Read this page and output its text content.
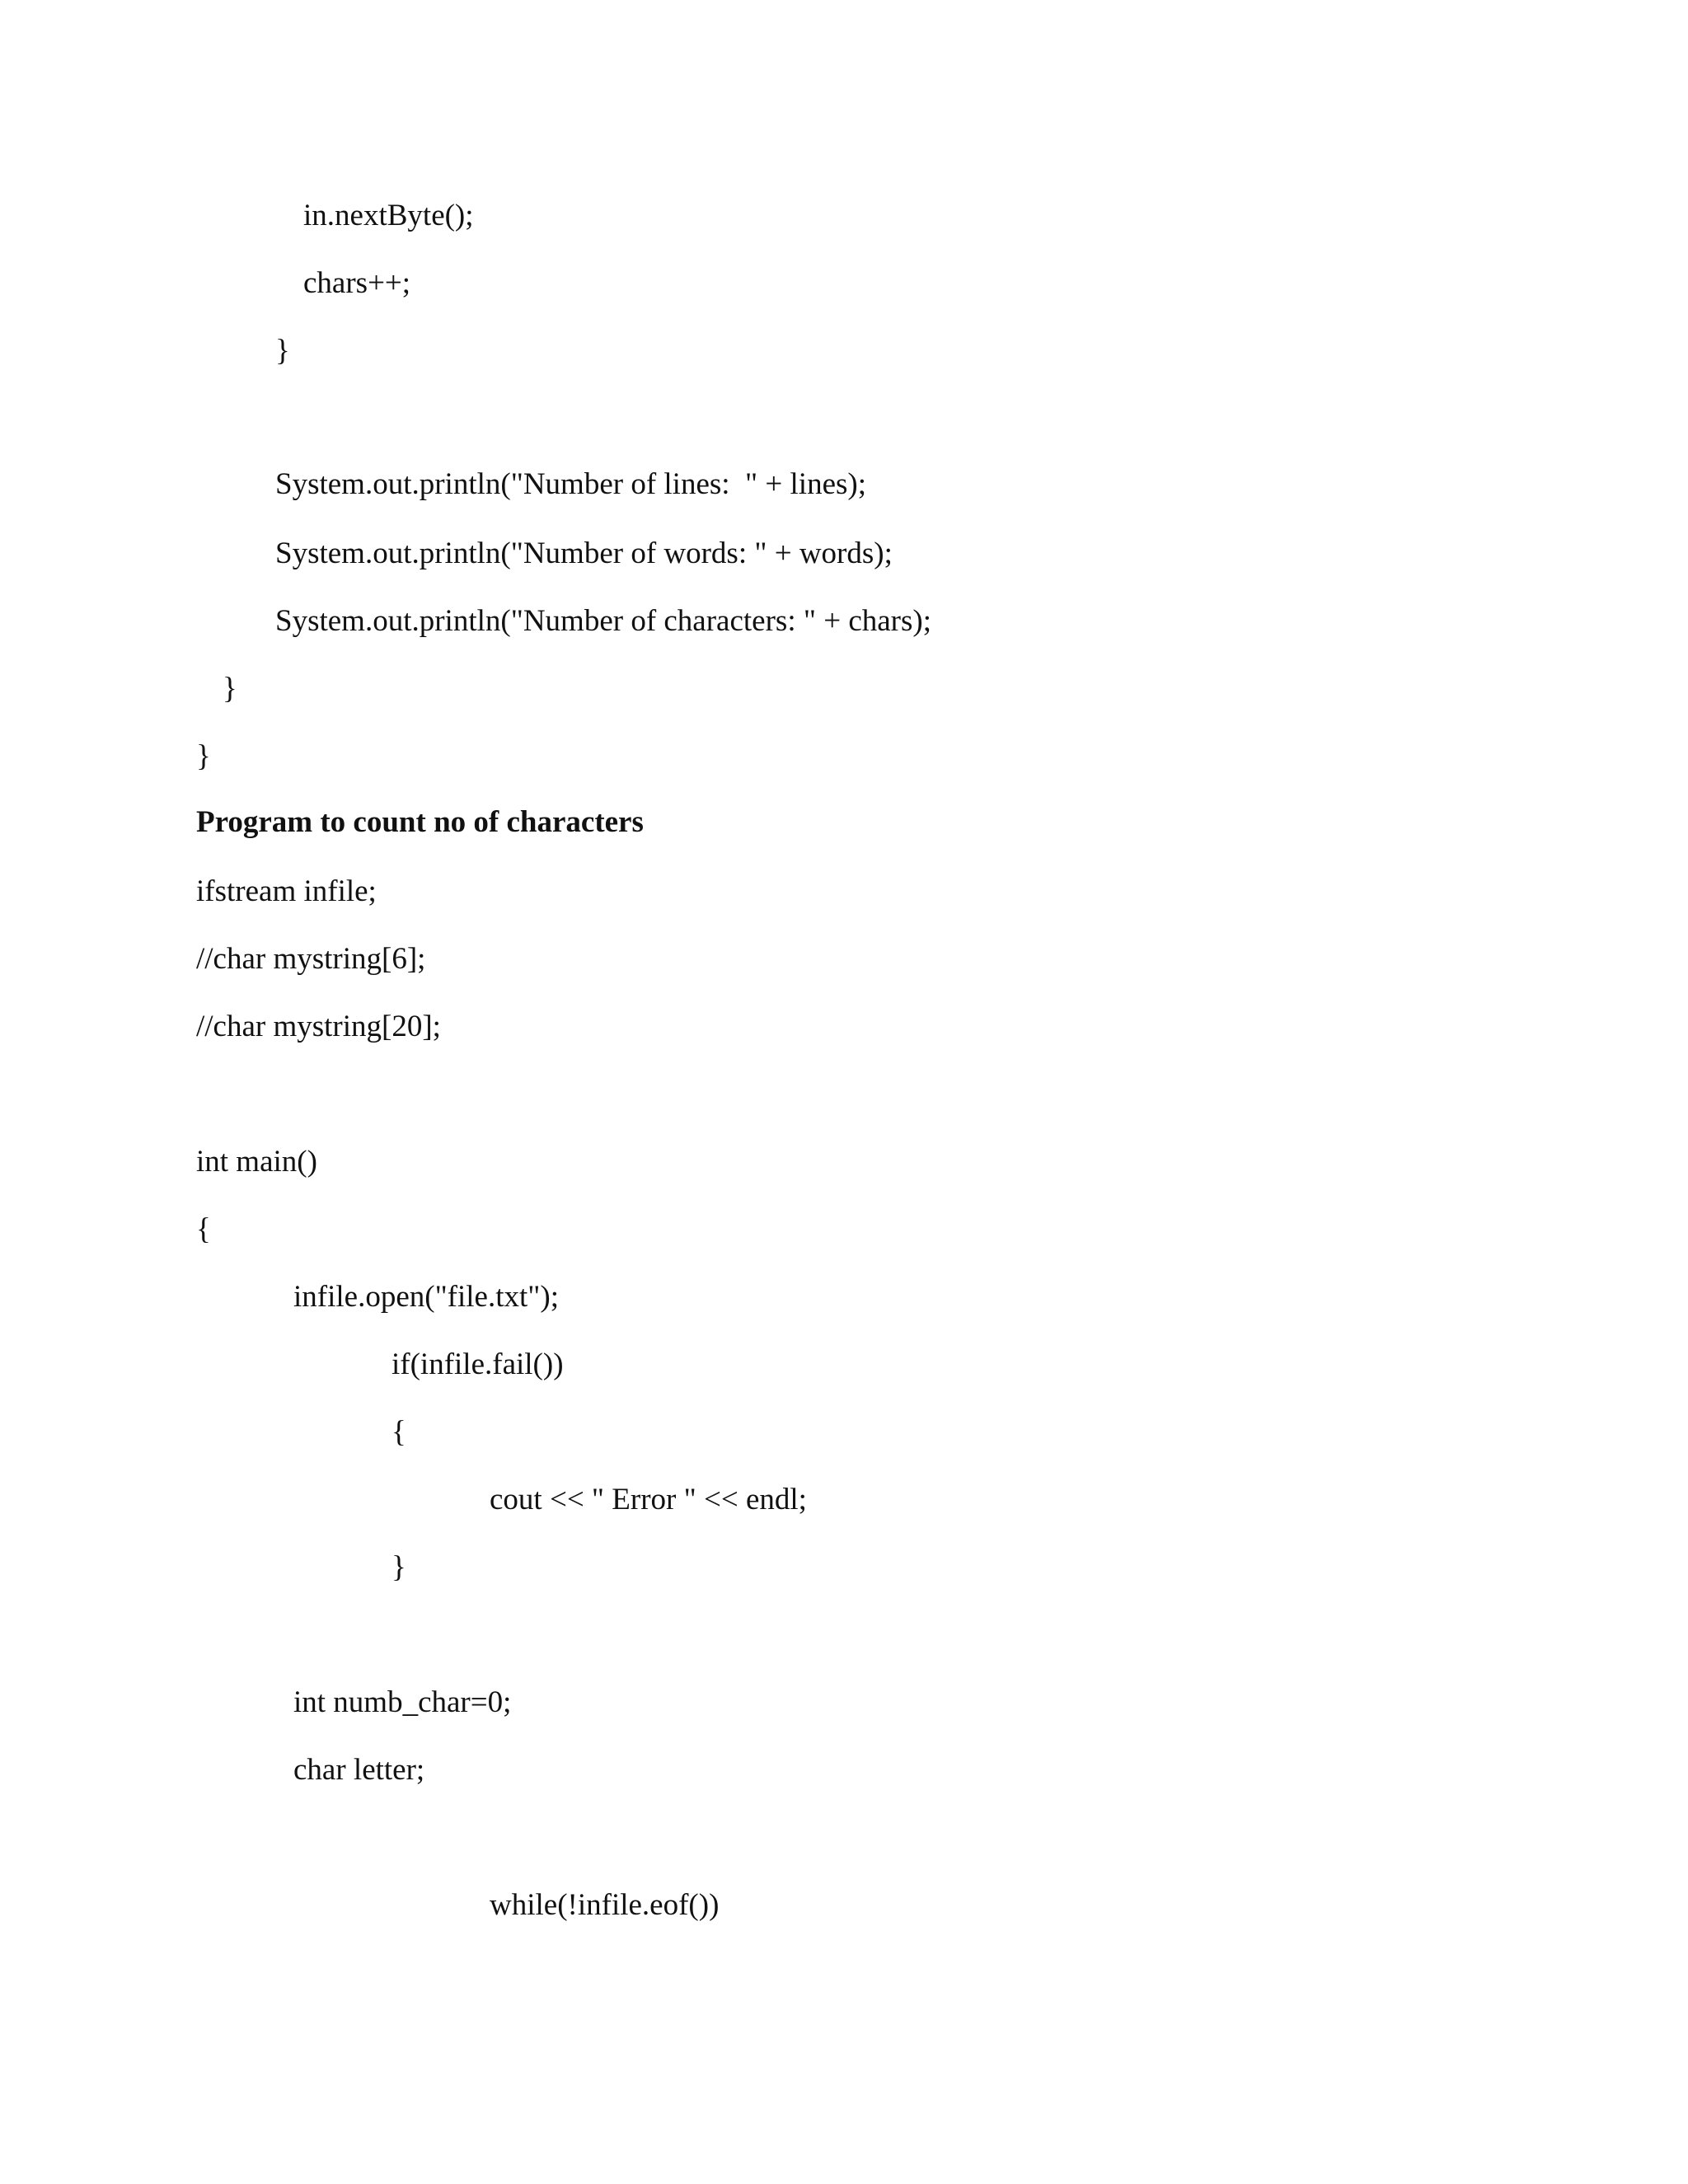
in.nextByte();
chars++;
}
System.out.println("Number of lines:  " + lines);
System.out.println("Number of words: " + words);
System.out.println("Number of characters: " + chars);
}
}
Program to count no of characters
ifstream infile;
//char mystring[6];
//char mystring[20];
int main()
{
infile.open("file.txt");
if(infile.fail())
{
cout << " Error " << endl;
}
int numb_char=0;
char letter;
while(!infile.eof())
